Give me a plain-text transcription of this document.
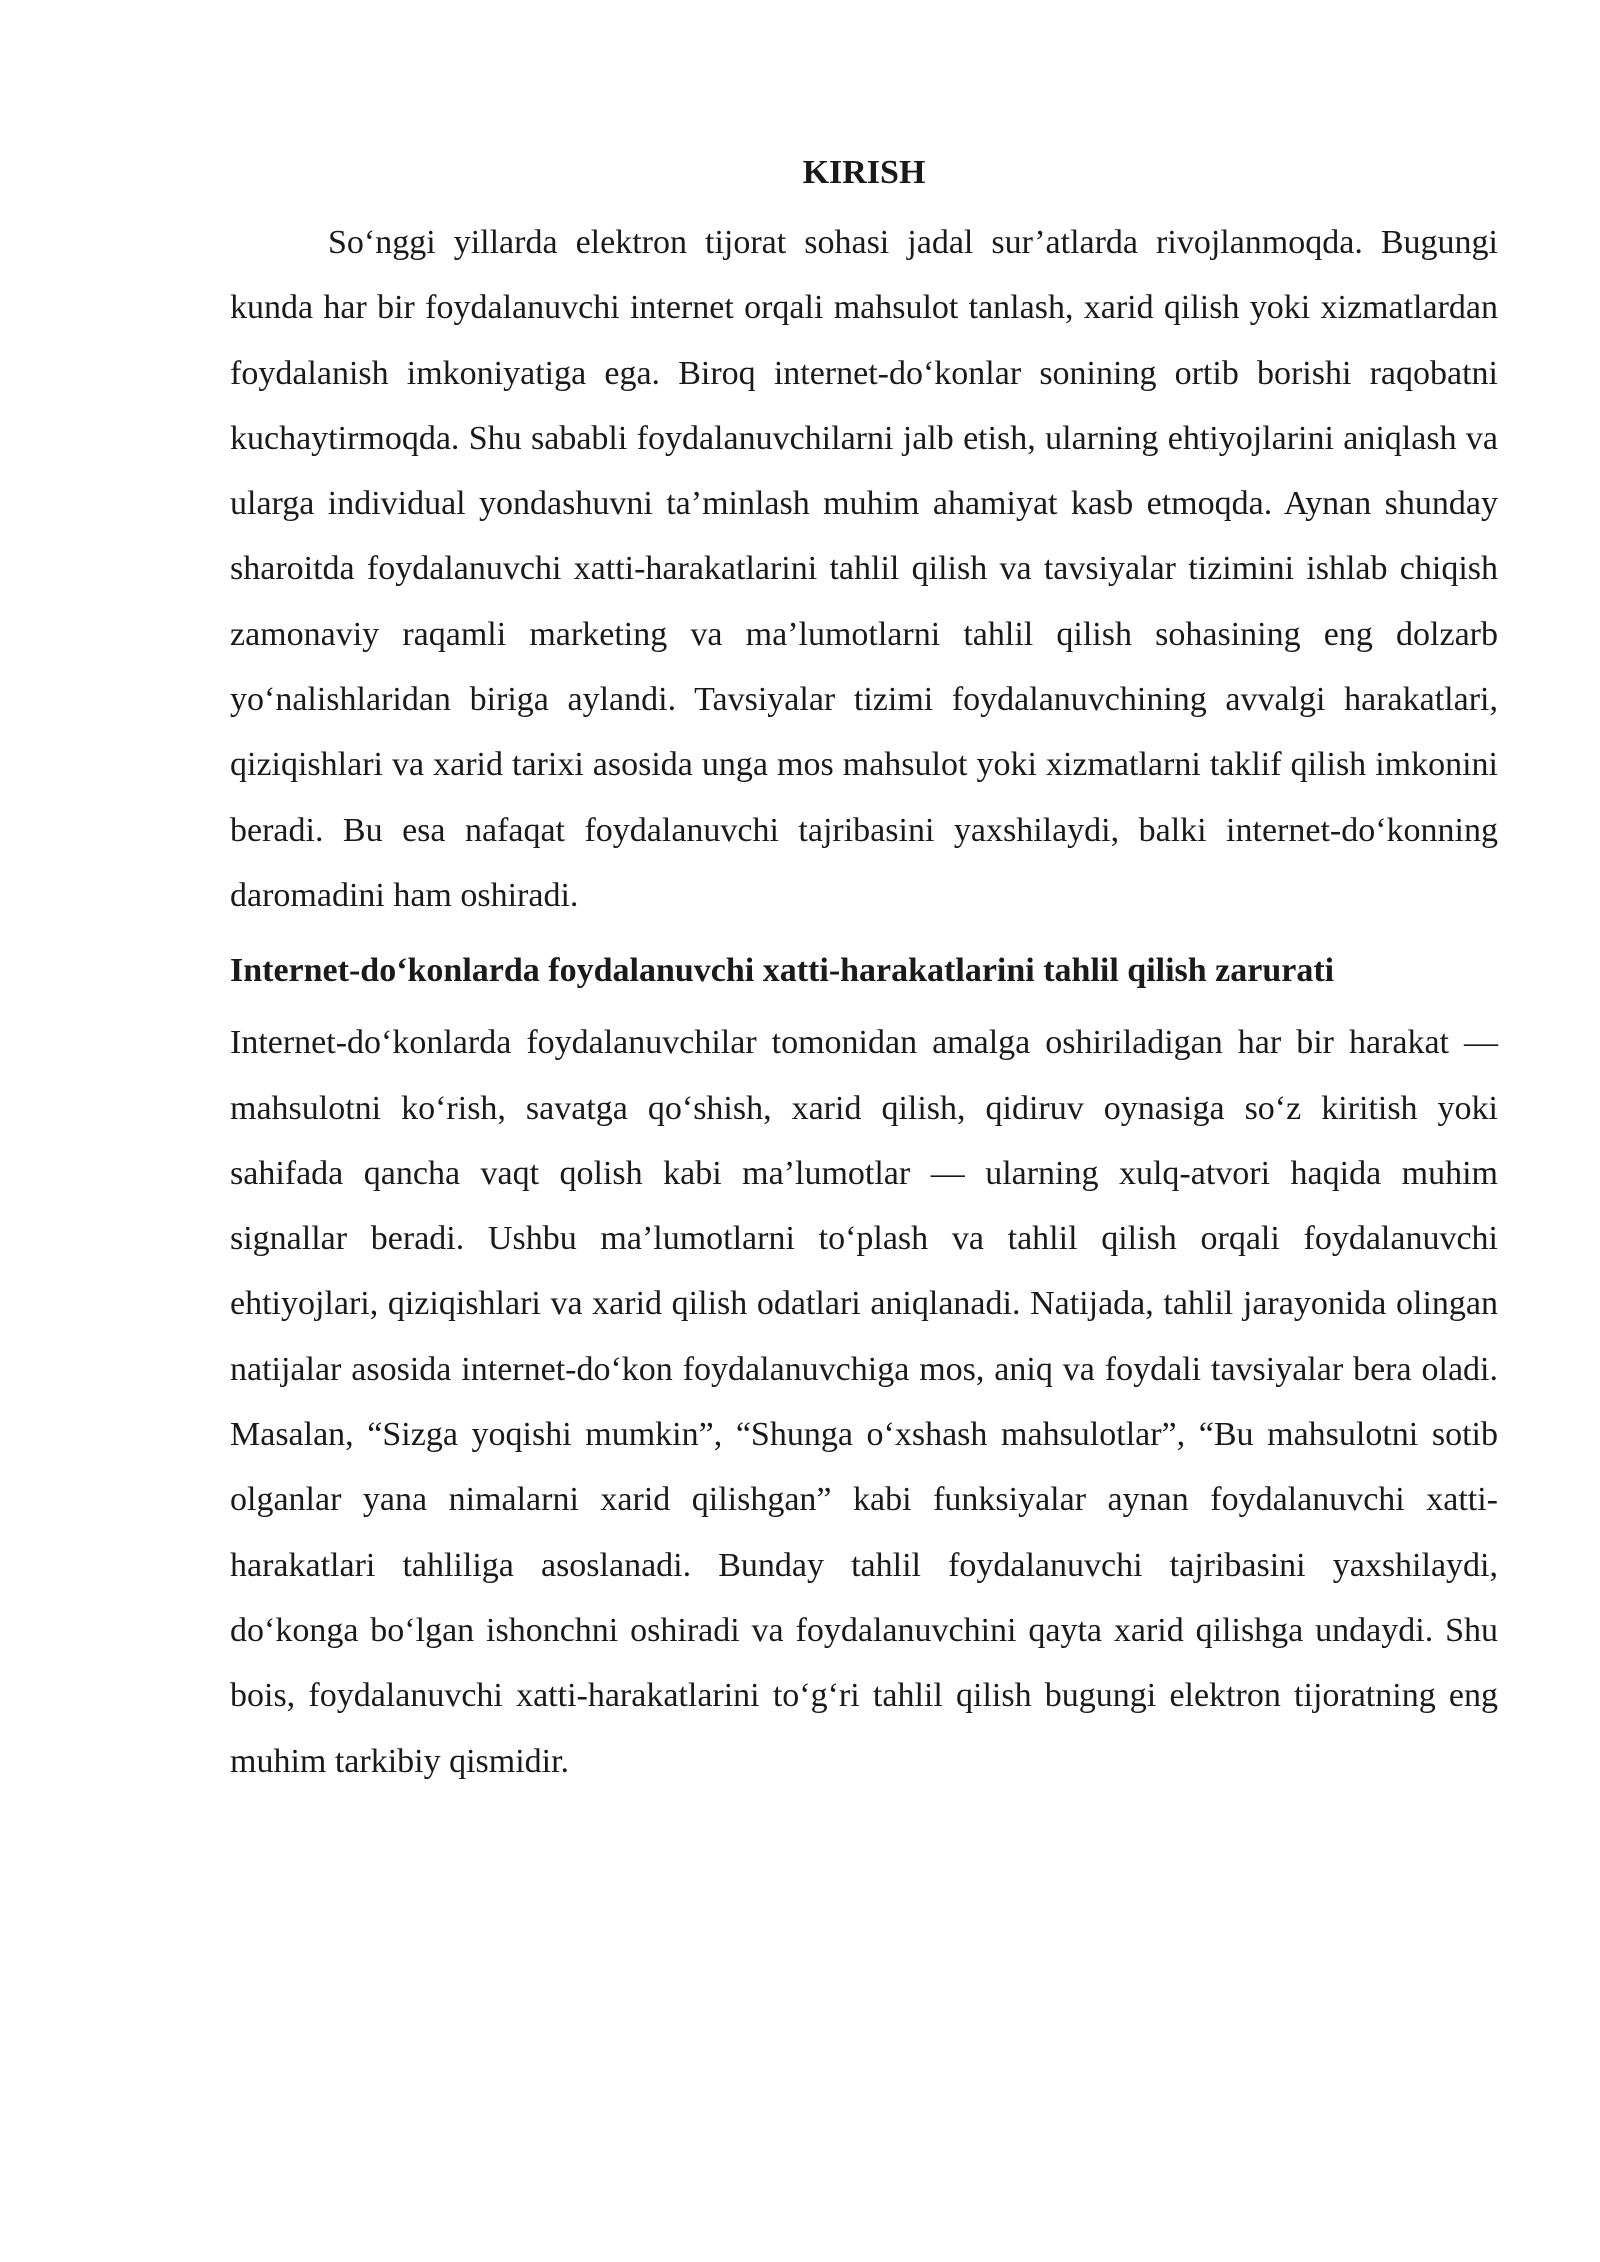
KIRISH

So‘nggi yillarda elektron tijorat sohasi jadal sur’atlarda rivojlanmoqda. Bugungi kunda har bir foydalanuvchi internet orqali mahsulot tanlash, xarid qilish yoki xizmatlardan foydalanish imkoniyatiga ega. Biroq internet-do‘konlar sonining ortib borishi raqobatni kuchaytirmoqda. Shu sababli foydalanuvchilarni jalb etish, ularning ehtiyojlarini aniqlash va ularga individual yondashuvni ta’minlash muhim ahamiyat kasb etmoqda. Aynan shunday sharoitda foydalanuvchi xatti-harakatlarini tahlil qilish va tavsiyalar tizimini ishlab chiqish zamonaviy raqamli marketing va ma’lumotlarni tahlil qilish sohasining eng dolzarb yo‘nalishlaridan biriga aylandi. Tavsiyalar tizimi foydalanuvchining avvalgi harakatlari, qiziqishlari va xarid tarixi asosida unga mos mahsulot yoki xizmatlarni taklif qilish imkonini beradi. Bu esa nafaqat foydalanuvchi tajribasini yaxshilaydi, balki internet-do‘konning daromadini ham oshiradi.

Internet-do‘konlarda foydalanuvchi xatti-harakatlarini tahlil qilish zarurati

Internet-do‘konlarda foydalanuvchilar tomonidan amalga oshiriladigan har bir harakat — mahsulotni ko‘rish, savatga qo‘shish, xarid qilish, qidiruv oynasiga so‘z kiritish yoki sahifada qancha vaqt qolish kabi ma’lumotlar — ularning xulq-atvori haqida muhim signallar beradi. Ushbu ma’lumotlarni to‘plash va tahlil qilish orqali foydalanuvchi ehtiyojlari, qiziqishlari va xarid qilish odatlari aniqlanadi. Natijada, tahlil jarayonida olingan natijalar asosida internet-do‘kon foydalanuvchiga mos, aniq va foydali tavsiyalar bera oladi. Masalan, “Sizga yoqishi mumkin”, “Shunga o‘xshash mahsulotlar”, “Bu mahsulotni sotib olganlar yana nimalarni xarid qilishgan” kabi funksiyalar aynan foydalanuvchi xatti-harakatlari tahliliga asoslanadi. Bunday tahlil foydalanuvchi tajribasini yaxshilaydi, do‘konga bo‘lgan ishonchni oshiradi va foydalanuvchini qayta xarid qilishga undaydi. Shu bois, foydalanuvchi xatti-harakatlarini to‘g‘ri tahlil qilish bugungi elektron tijoratning eng muhim tarkibiy qismidir.
